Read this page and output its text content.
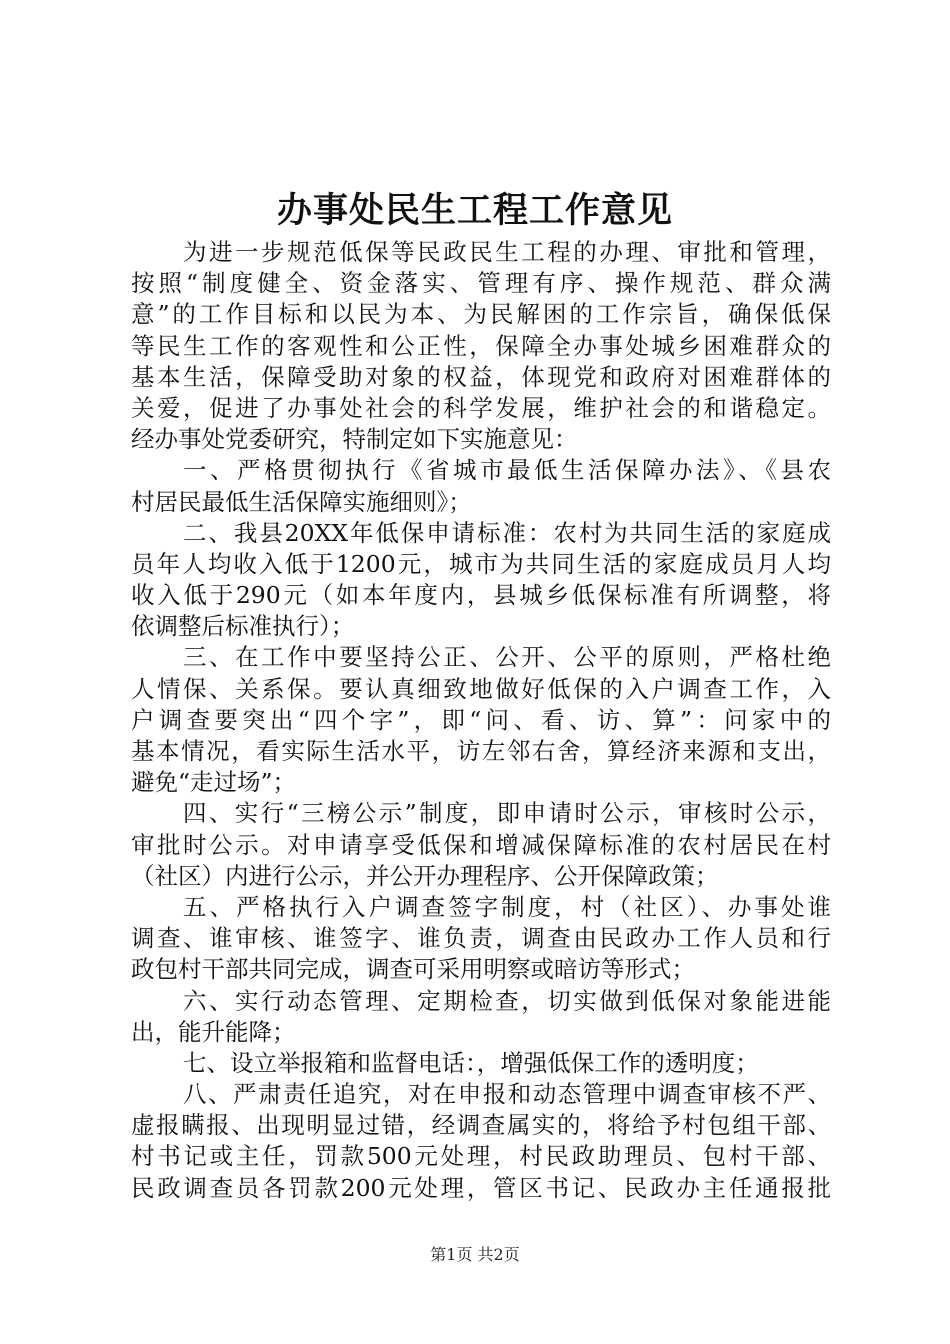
办事处民生工程工作意见
为进一步规范低保等民政民生工程的办理、审批和管理，
按照“制度健全、资金落实、管理有序、操作规范、群众满
意”的工作目标和以民为本、为民解困的工作宗旨，确保低保
等民生工作的客观性和公正性，保障全办事处城乡困难群众的
基本生活，保障受助对象的权益，体现党和政府对困难群体的
关爱，促进了办事处社会的科学发展，维护社会的和谐稳定。
经办事处党委研究，特制定如下实施意见：
一、严格贯彻执行《省城市最低生活保障办法》、《县农
村居民最低生活保障实施细则》；
二、我县20XX年低保申请标准：农村为共同生活的家庭成
员年人均收入低于1200元，城市为共同生活的家庭成员月人均
收入低于290元（如本年度内，县城乡低保标准有所调整，将
依调整后标准执行）；
三、在工作中要坚持公正、公开、公平的原则，严格杜绝
人情保、关系保。要认真细致地做好低保的入户调查工作，入
户调查要突出“四个字”，即“问、看、访、算”：问家中的
基本情况，看实际生活水平，访左邻右舍，算经济来源和支出，
避免“走过场”；
四、实行“三榜公示”制度，即申请时公示，审核时公示，
审批时公示。对申请享受低保和增减保障标准的农村居民在村
（社区）内进行公示，并公开办理程序、公开保障政策；
五、严格执行入户调查签字制度，村（社区）、办事处谁
调查、谁审核、谁签字、谁负责，调查由民政办工作人员和行
政包村干部共同完成，调查可采用明察或暗访等形式；
六、实行动态管理、定期检查，切实做到低保对象能进能
出，能升能降；
七、设立举报箱和监督电话：，增强低保工作的透明度；
八、严肃责任追究，对在申报和动态管理中调查审核不严、
虚报瞒报、出现明显过错，经调查属实的，将给予村包组干部、
村书记或主任，罚款500元处理，村民政助理员、包村干部、
民政调查员各罚款200元处理，管区书记、民政办主任通报批
第1页 共2页
